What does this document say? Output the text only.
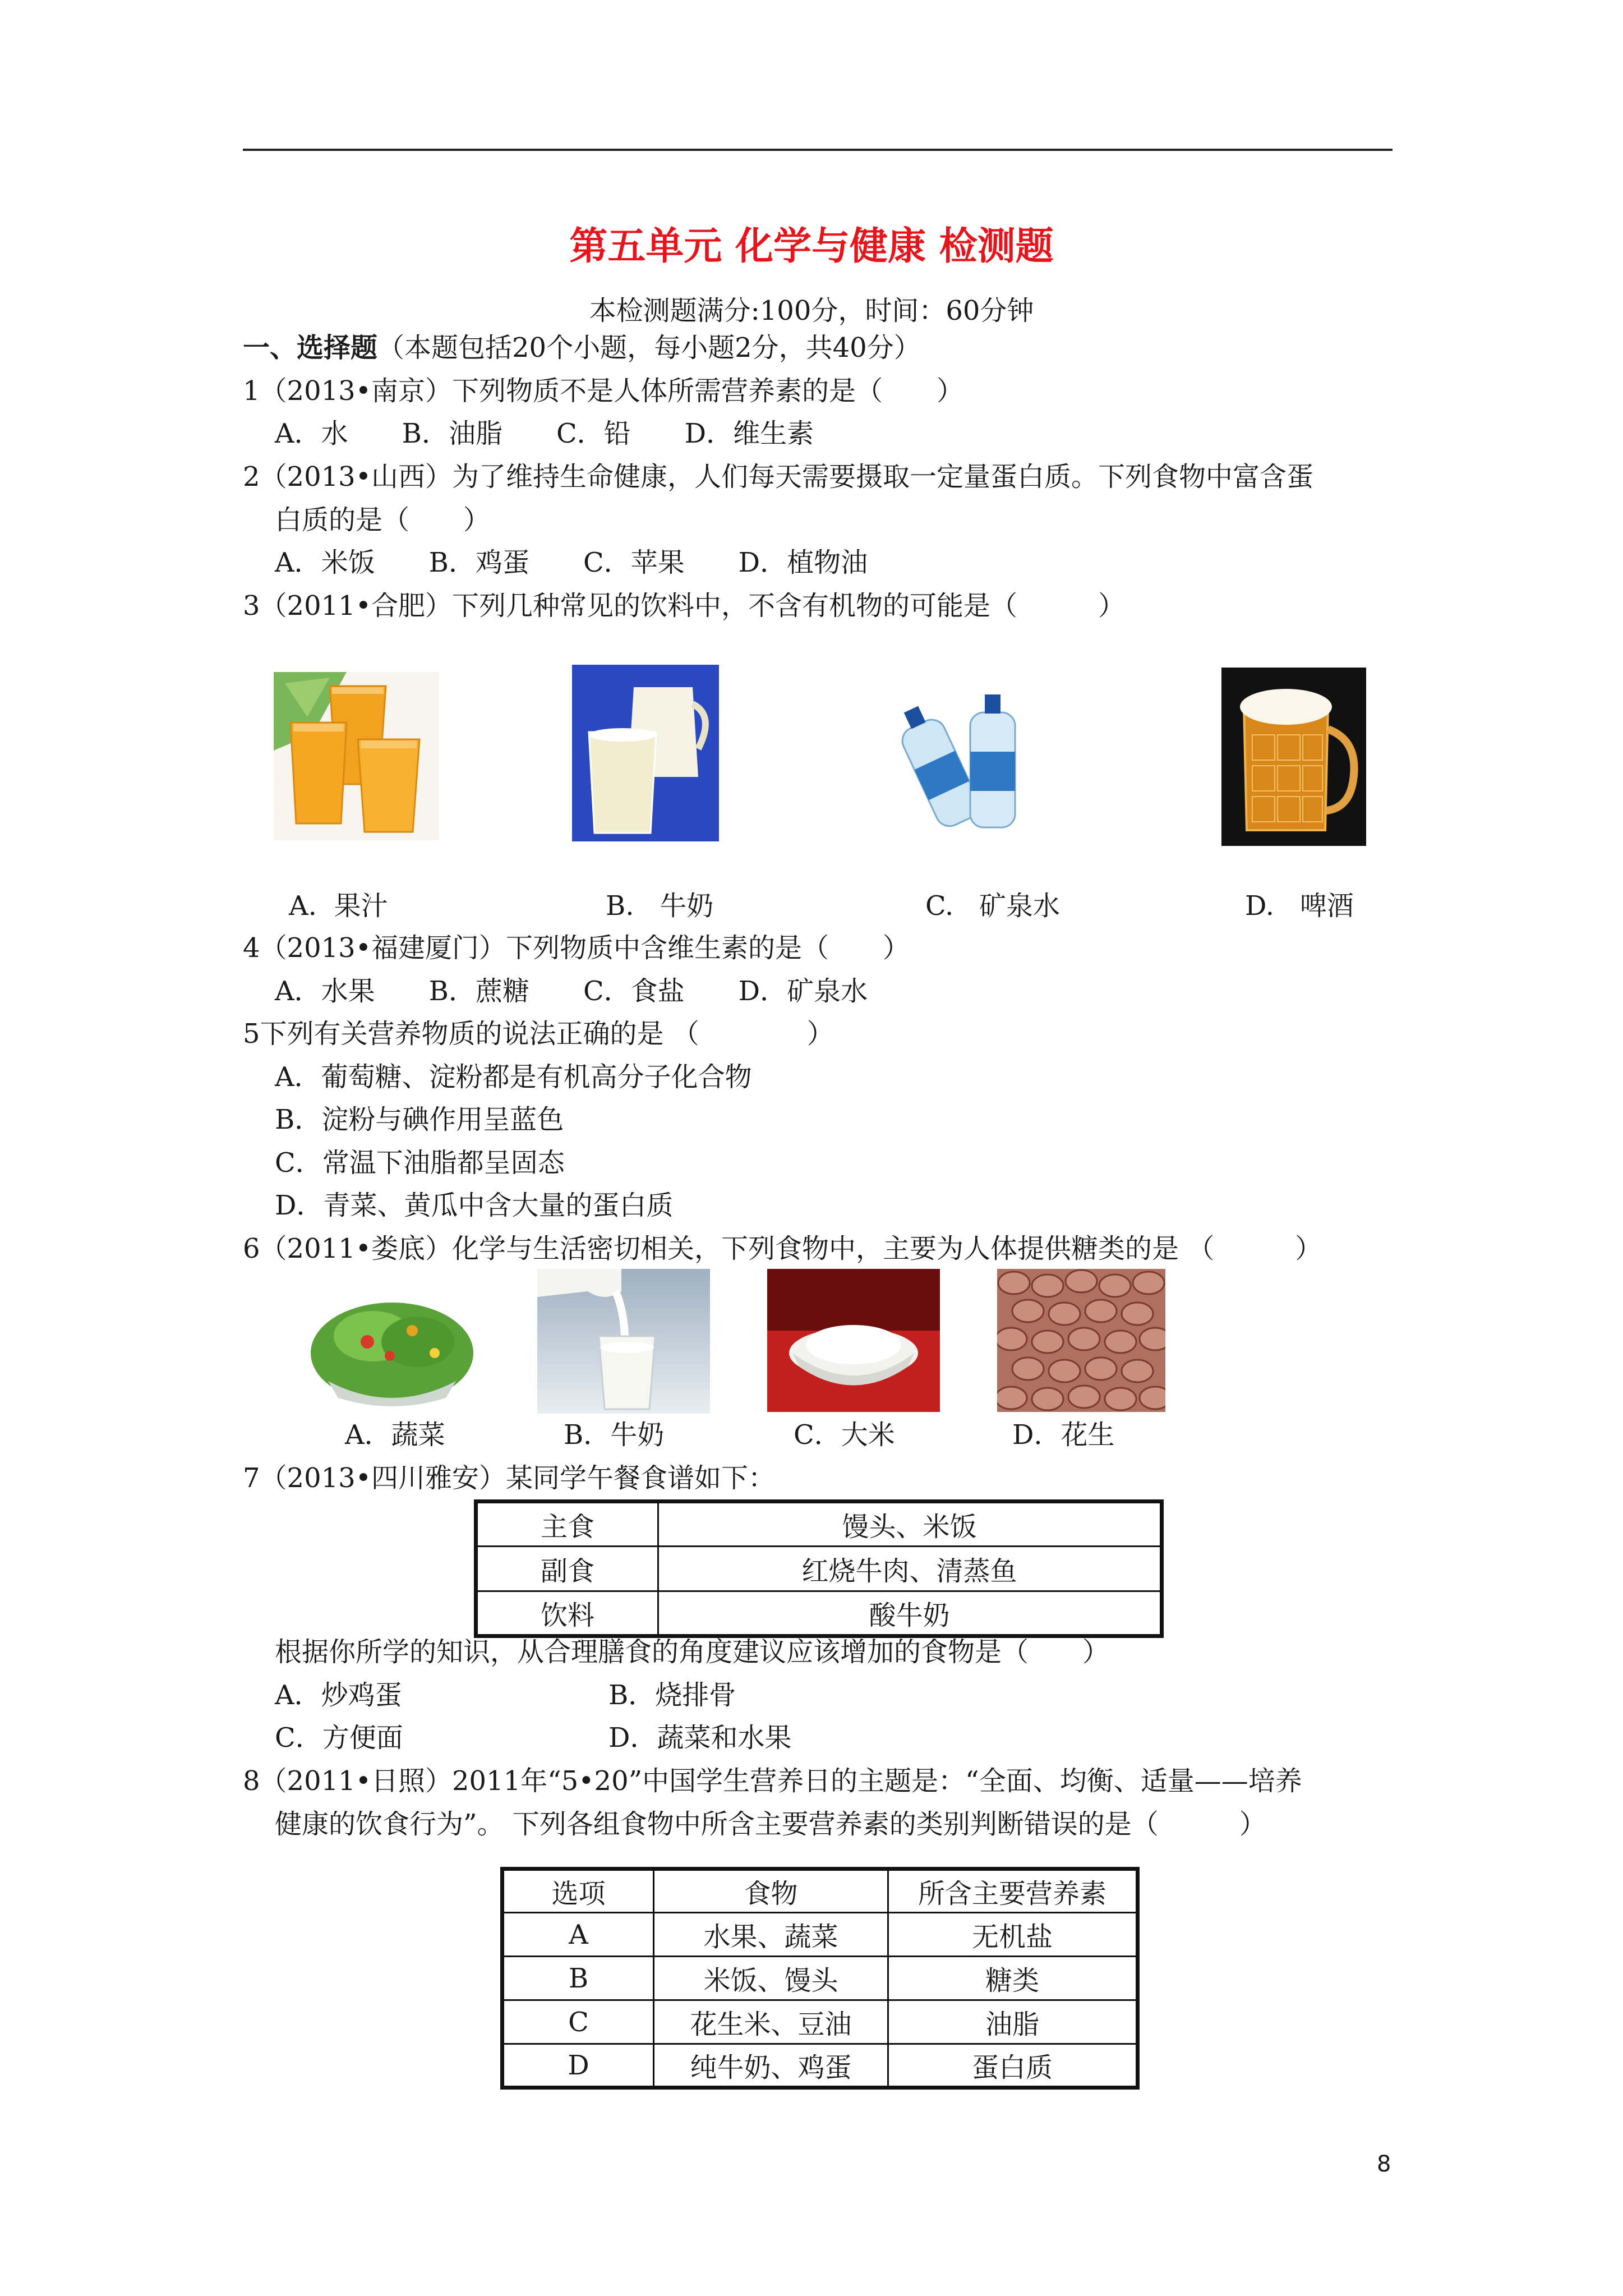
第五单元 化学与健康 检测题
本检测题满分:100分，时间：60分钟
一、选择题（本题包括20个小题，每小题2分，共40分）
1（2013•南京）下列物质不是人体所需营养素的是（　　）
A．水　　B．油脂　　C．铅　　D．维生素
2（2013•山西）为了维持生命健康，人们每天需要摄取一定量蛋白质。下列食物中富含蛋
白质的是（　　）
A．米饭　　B．鸡蛋　　C．苹果　　D．植物油
3（2011•合肥）下列几种常见的饮料中，不含有机物的可能是（　　　）
A.  果汁	B.   牛奶	C.   矿泉水	D.   啤酒
4（2013•福建厦门）下列物质中含维生素的是（　　）
A．水果　　B．蔗糖　　C．食盐　　D．矿泉水
5下列有关营养物质的说法正确的是 （　　　　）
A．葡萄糖、淀粉都是有机高分子化合物
B．淀粉与碘作用呈蓝色
C．常温下油脂都呈固态
D．青菜、黄瓜中含大量的蛋白质
6（2011•娄底）化学与生活密切相关，下列食物中，主要为人体提供糖类的是 （　　　）
A．蔬菜	B．牛奶	C．大米	D．花生
7（2013•四川雅安）某同学午餐食谱如下：
主食	馒头、米饭
副食	红烧牛肉、清蒸鱼
饮料	酸牛奶
根据你所学的知识，从合理膳食的角度建议应该增加的食物是（　　）
A．炒鸡蛋	B．烧排骨
C．方便面	D．蔬菜和水果
8（2011•日照）2011年“5•20”中国学生营养日的主题是：“全面、均衡、适量——培养
健康的饮食行为”。 下列各组食物中所含主要营养素的类别判断错误的是（　　　）
选项	食物	所含主要营养素
A	水果、蔬菜	无机盐
B	米饭、馒头	糖类
C	花生米、豆油	油脂
D	纯牛奶、鸡蛋	蛋白质
8
